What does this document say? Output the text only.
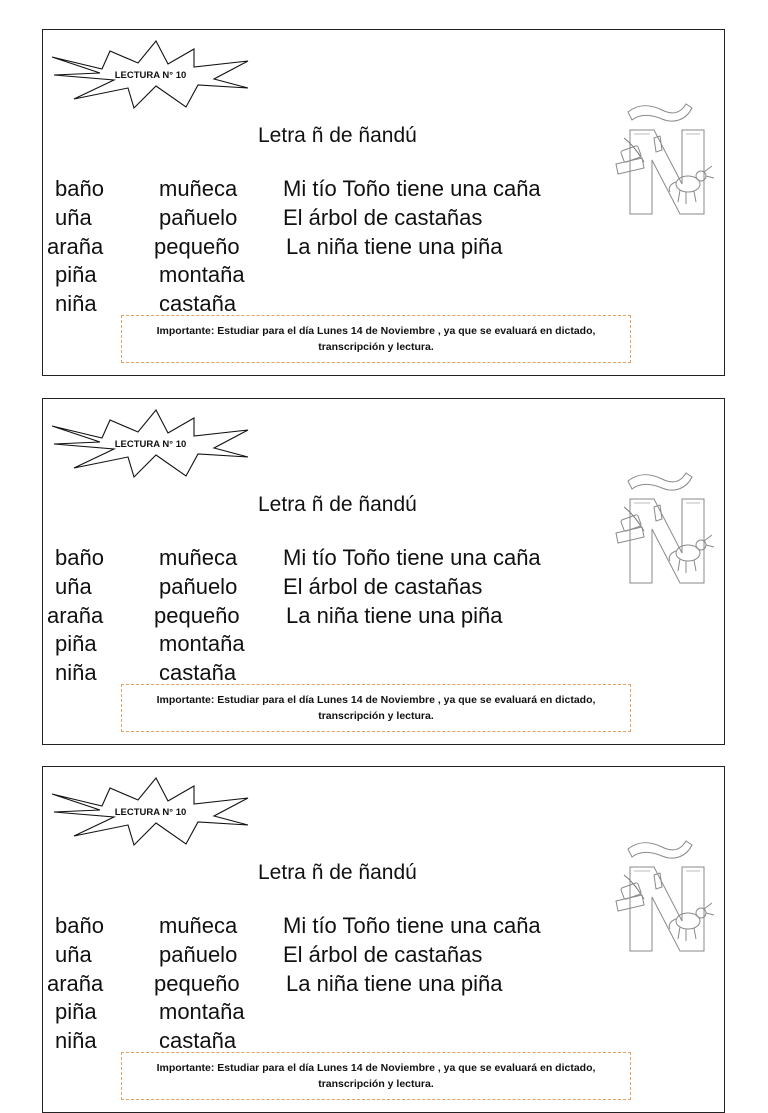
LECTURA N° 10
Letra ñ de ñandú
baño
uña
araña
piña
niña
muñeca
pañuelo
pequeño
montaña
castaña
Mi tío Toño tiene una caña
El árbol de castañas
La niña tiene una piña
Importante: Estudiar para el día Lunes 14 de Noviembre , ya que se evaluará en dictado,
transcripción y lectura.
LECTURA N° 10
Letra ñ de ñandú
baño
uña
araña
piña
niña
muñeca
pañuelo
pequeño
montaña
castaña
Mi tío Toño tiene una caña
El árbol de castañas
La niña tiene una piña
Importante: Estudiar para el día Lunes 14 de Noviembre , ya que se evaluará en dictado,
transcripción y lectura.
LECTURA N° 10
Letra ñ de ñandú
baño
uña
araña
piña
niña
muñeca
pañuelo
pequeño
montaña
castaña
Mi tío Toño tiene una caña
El árbol de castañas
La niña tiene una piña
Importante: Estudiar para el día Lunes 14 de Noviembre , ya que se evaluará en dictado,
transcripción y lectura.
